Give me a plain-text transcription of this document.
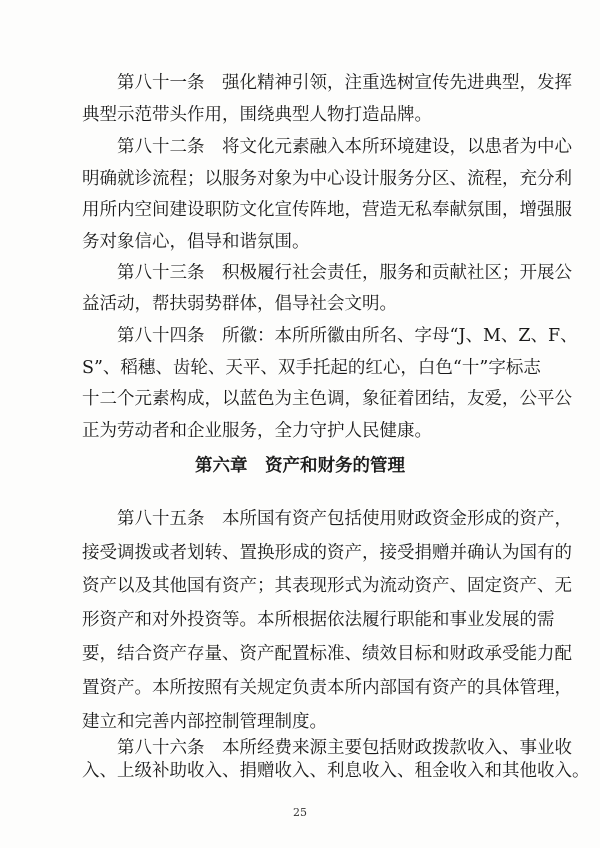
第八十一条　强化精神引领，注重选树宣传先进典型，发挥
典型示范带头作用，围绕典型人物打造品牌。
第八十二条　将文化元素融入本所环境建设，以患者为中心
明确就诊流程；以服务对象为中心设计服务分区、流程，充分利
用所内空间建设职防文化宣传阵地，营造无私奉献氛围，增强服
务对象信心，倡导和谐氛围。
第八十三条　积极履行社会责任，服务和贡献社区；开展公
益活动，帮扶弱势群体，倡导社会文明。
第八十四条　所徽：本所所徽由所名、字母“J、M、Z、F、
S”、稻穗、齿轮、天平、双手托起的红心，白色“十”字标志
十二个元素构成，以蓝色为主色调，象征着团结，友爱，公平公
第六章　资产和财务的管理
第八十五条　本所国有资产包括使用财政资金形成的资产，
接受调拨或者划转、置换形成的资产，接受捐赠并确认为国有的
资产以及其他国有资产；其表现形式为流动资产、固定资产、无
形资产和对外投资等。本所根据依法履行职能和事业发展的需
要，结合资产存量、资产配置标准、绩效目标和财政承受能力配
置资产。本所按照有关规定负责本所内部国有资产的具体管理，
建立和完善内部控制管理制度。
第八十六条　本所经费来源主要包括财政拨款收入、事业收
入、上级补助收入、捐赠收入、利息收入、租金收入和其他收入。
25
正为劳动者和企业服务，全力守护人民健康。
